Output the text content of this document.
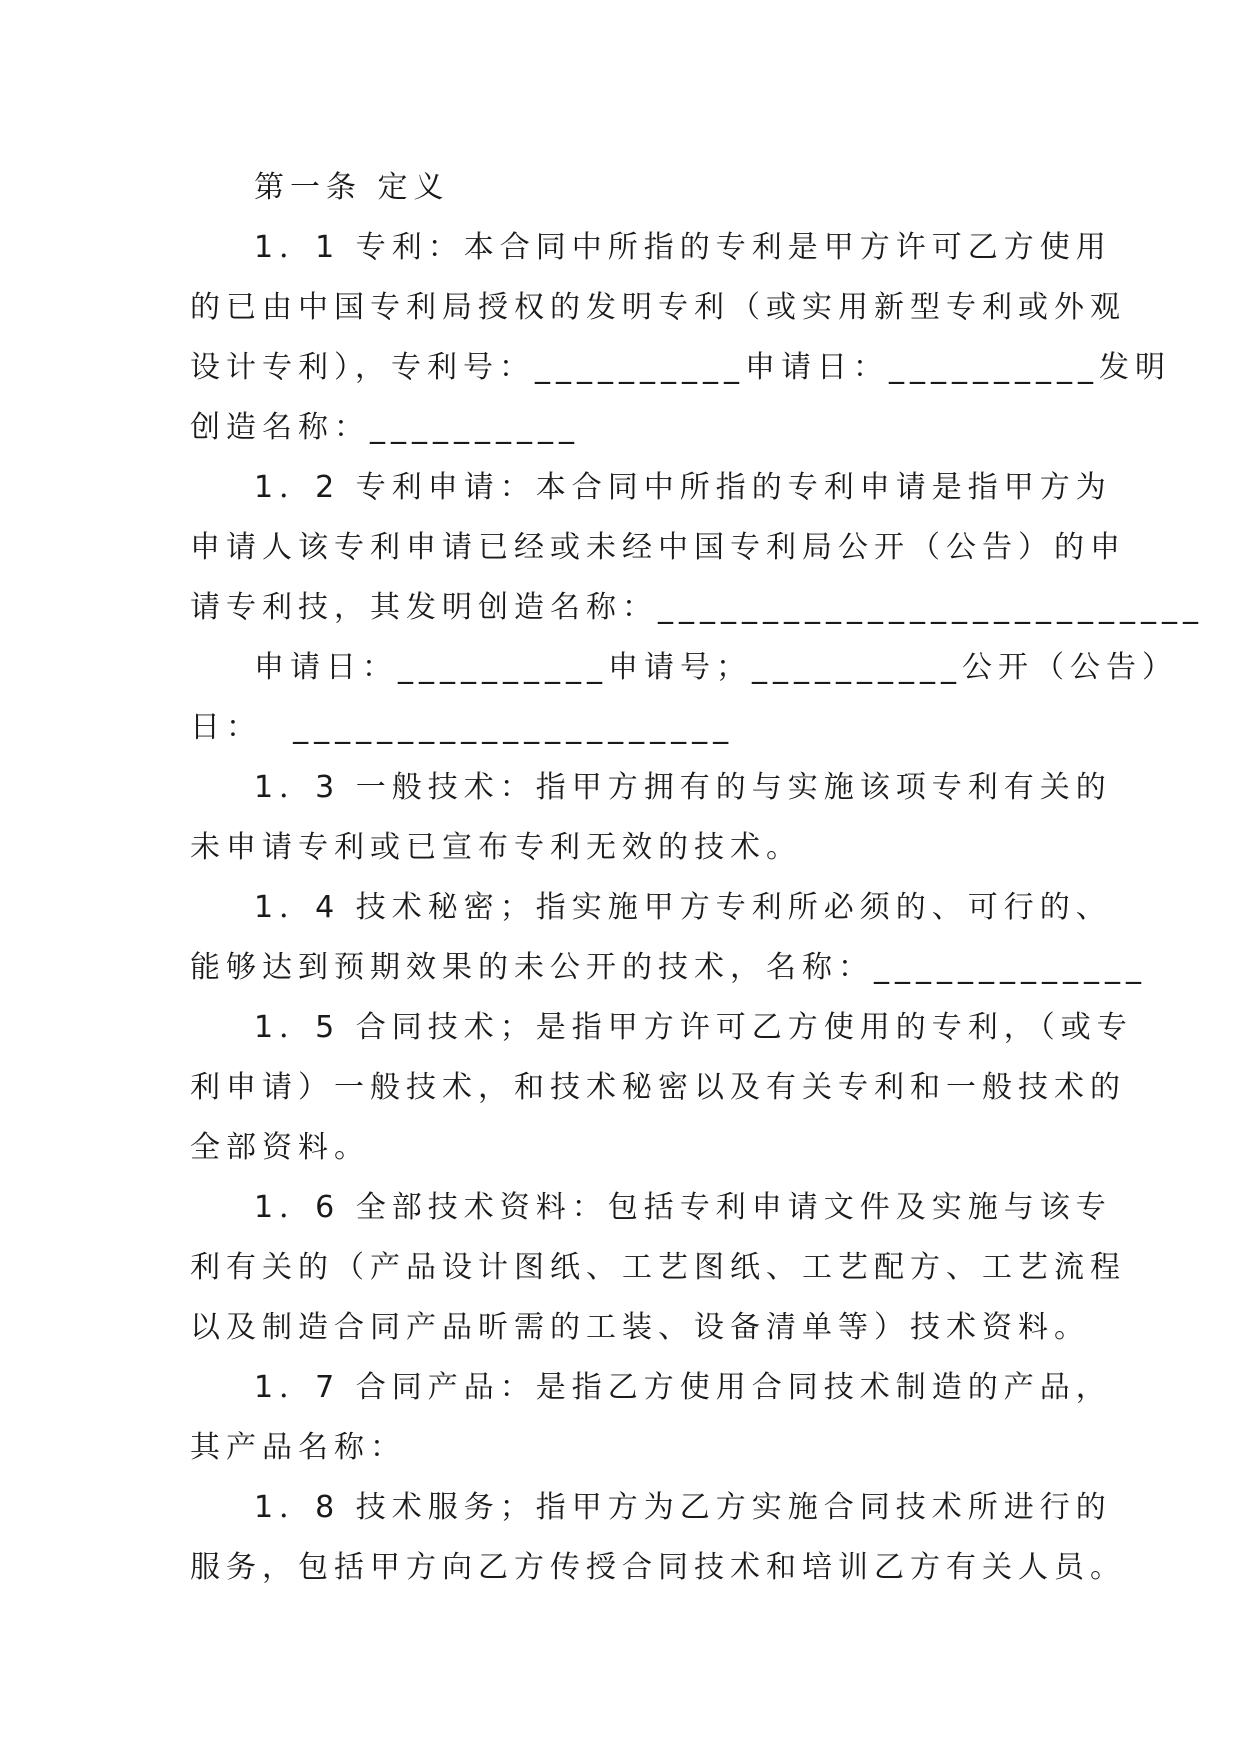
第一条 定义
1．1 专利：本合同中所指的专利是甲方许可乙方使用
的已由中国专利局授权的发明专利（或实用新型专利或外观
设计专利），专利号：__________申请日：__________发明
创造名称：__________
1．2 专利申请：本合同中所指的专利申请是指甲方为
申请人该专利申请已经或未经中国专利局公开（公告）的申
请专利技，其发明创造名称：__________________________
申请日：__________申请号；__________公开（公告）
日：  _____________________
1．3 一般技术：指甲方拥有的与实施该项专利有关的
未申请专利或已宣布专利无效的技术。
1．4 技术秘密；指实施甲方专利所必须的、可行的、
能够达到预期效果的未公开的技术，名称：_____________
1．5 合同技术；是指甲方许可乙方使用的专利，（或专
利申请）一般技术，和技术秘密以及有关专利和一般技术的
全部资料。
1．6 全部技术资料：包括专利申请文件及实施与该专
利有关的（产品设计图纸、工艺图纸、工艺配方、工艺流程
以及制造合同产品昕需的工装、设备清单等）技术资料。
1．7 合同产品：是指乙方使用合同技术制造的产品，
其产品名称：
1．8 技术服务；指甲方为乙方实施合同技术所进行的
服务，包括甲方向乙方传授合同技术和培训乙方有关人员。
